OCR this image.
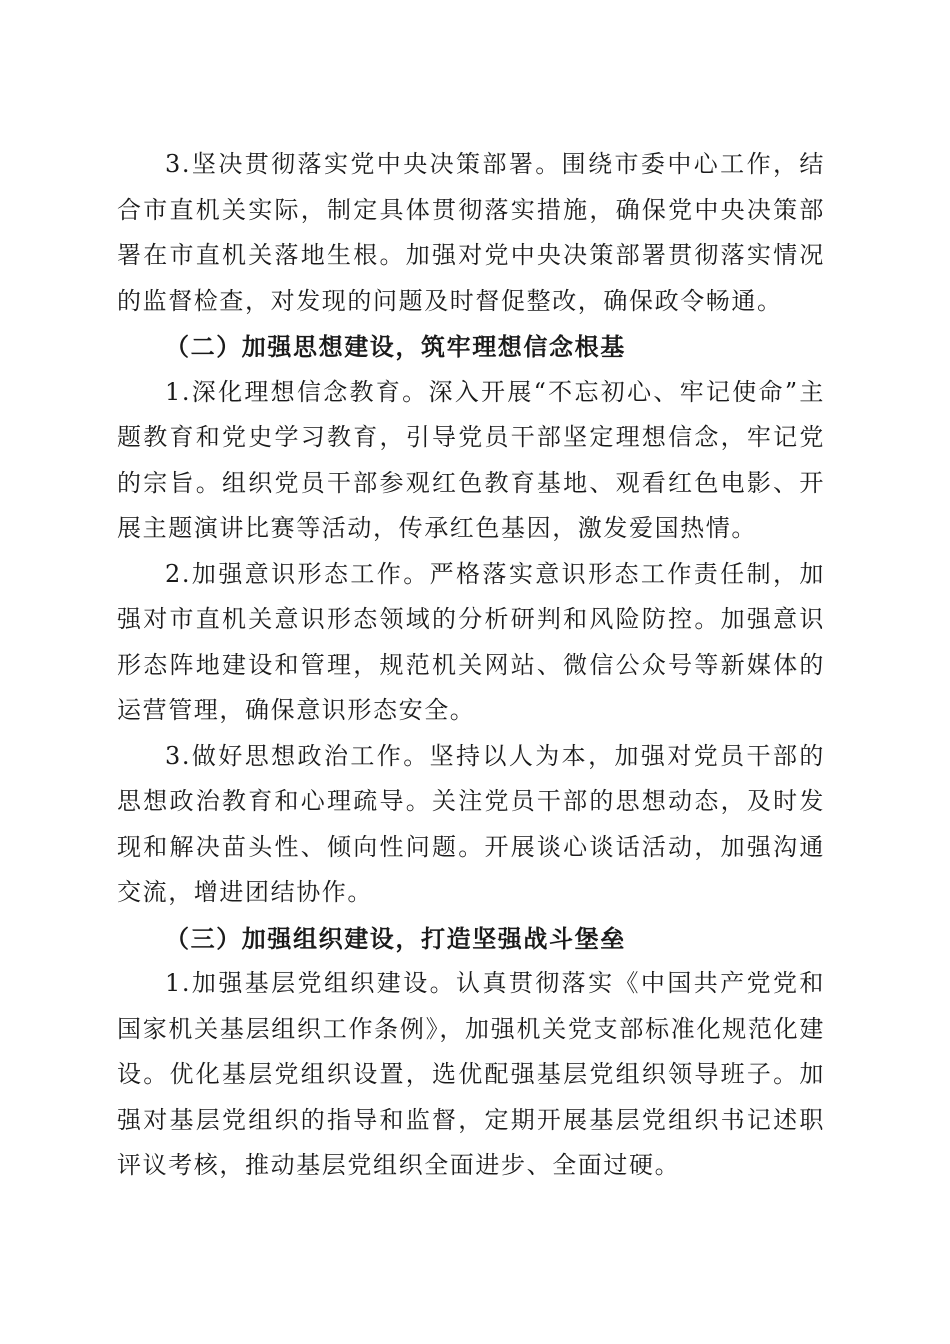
3.坚决贯彻落实党中央决策部署。围绕市委中心工作，结合市直机关实际，制定具体贯彻落实措施，确保党中央决策部署在市直机关落地生根。加强对党中央决策部署贯彻落实情况的监督检查，对发现的问题及时督促整改，确保政令畅通。

（二）加强思想建设，筑牢理想信念根基

1.深化理想信念教育。深入开展“不忘初心、牢记使命”主题教育和党史学习教育，引导党员干部坚定理想信念，牢记党的宗旨。组织党员干部参观红色教育基地、观看红色电影、开展主题演讲比赛等活动，传承红色基因，激发爱国热情。

2.加强意识形态工作。严格落实意识形态工作责任制，加强对市直机关意识形态领域的分析研判和风险防控。加强意识形态阵地建设和管理，规范机关网站、微信公众号等新媒体的运营管理，确保意识形态安全。

3.做好思想政治工作。坚持以人为本，加强对党员干部的思想政治教育和心理疏导。关注党员干部的思想动态，及时发现和解决苗头性、倾向性问题。开展谈心谈话活动，加强沟通交流，增进团结协作。

（三）加强组织建设，打造坚强战斗堡垒

1.加强基层党组织建设。认真贯彻落实《中国共产党党和国家机关基层组织工作条例》，加强机关党支部标准化规范化建设。优化基层党组织设置，选优配强基层党组织领导班子。加强对基层党组织的指导和监督，定期开展基层党组织书记述职评议考核，推动基层党组织全面进步、全面过硬。
